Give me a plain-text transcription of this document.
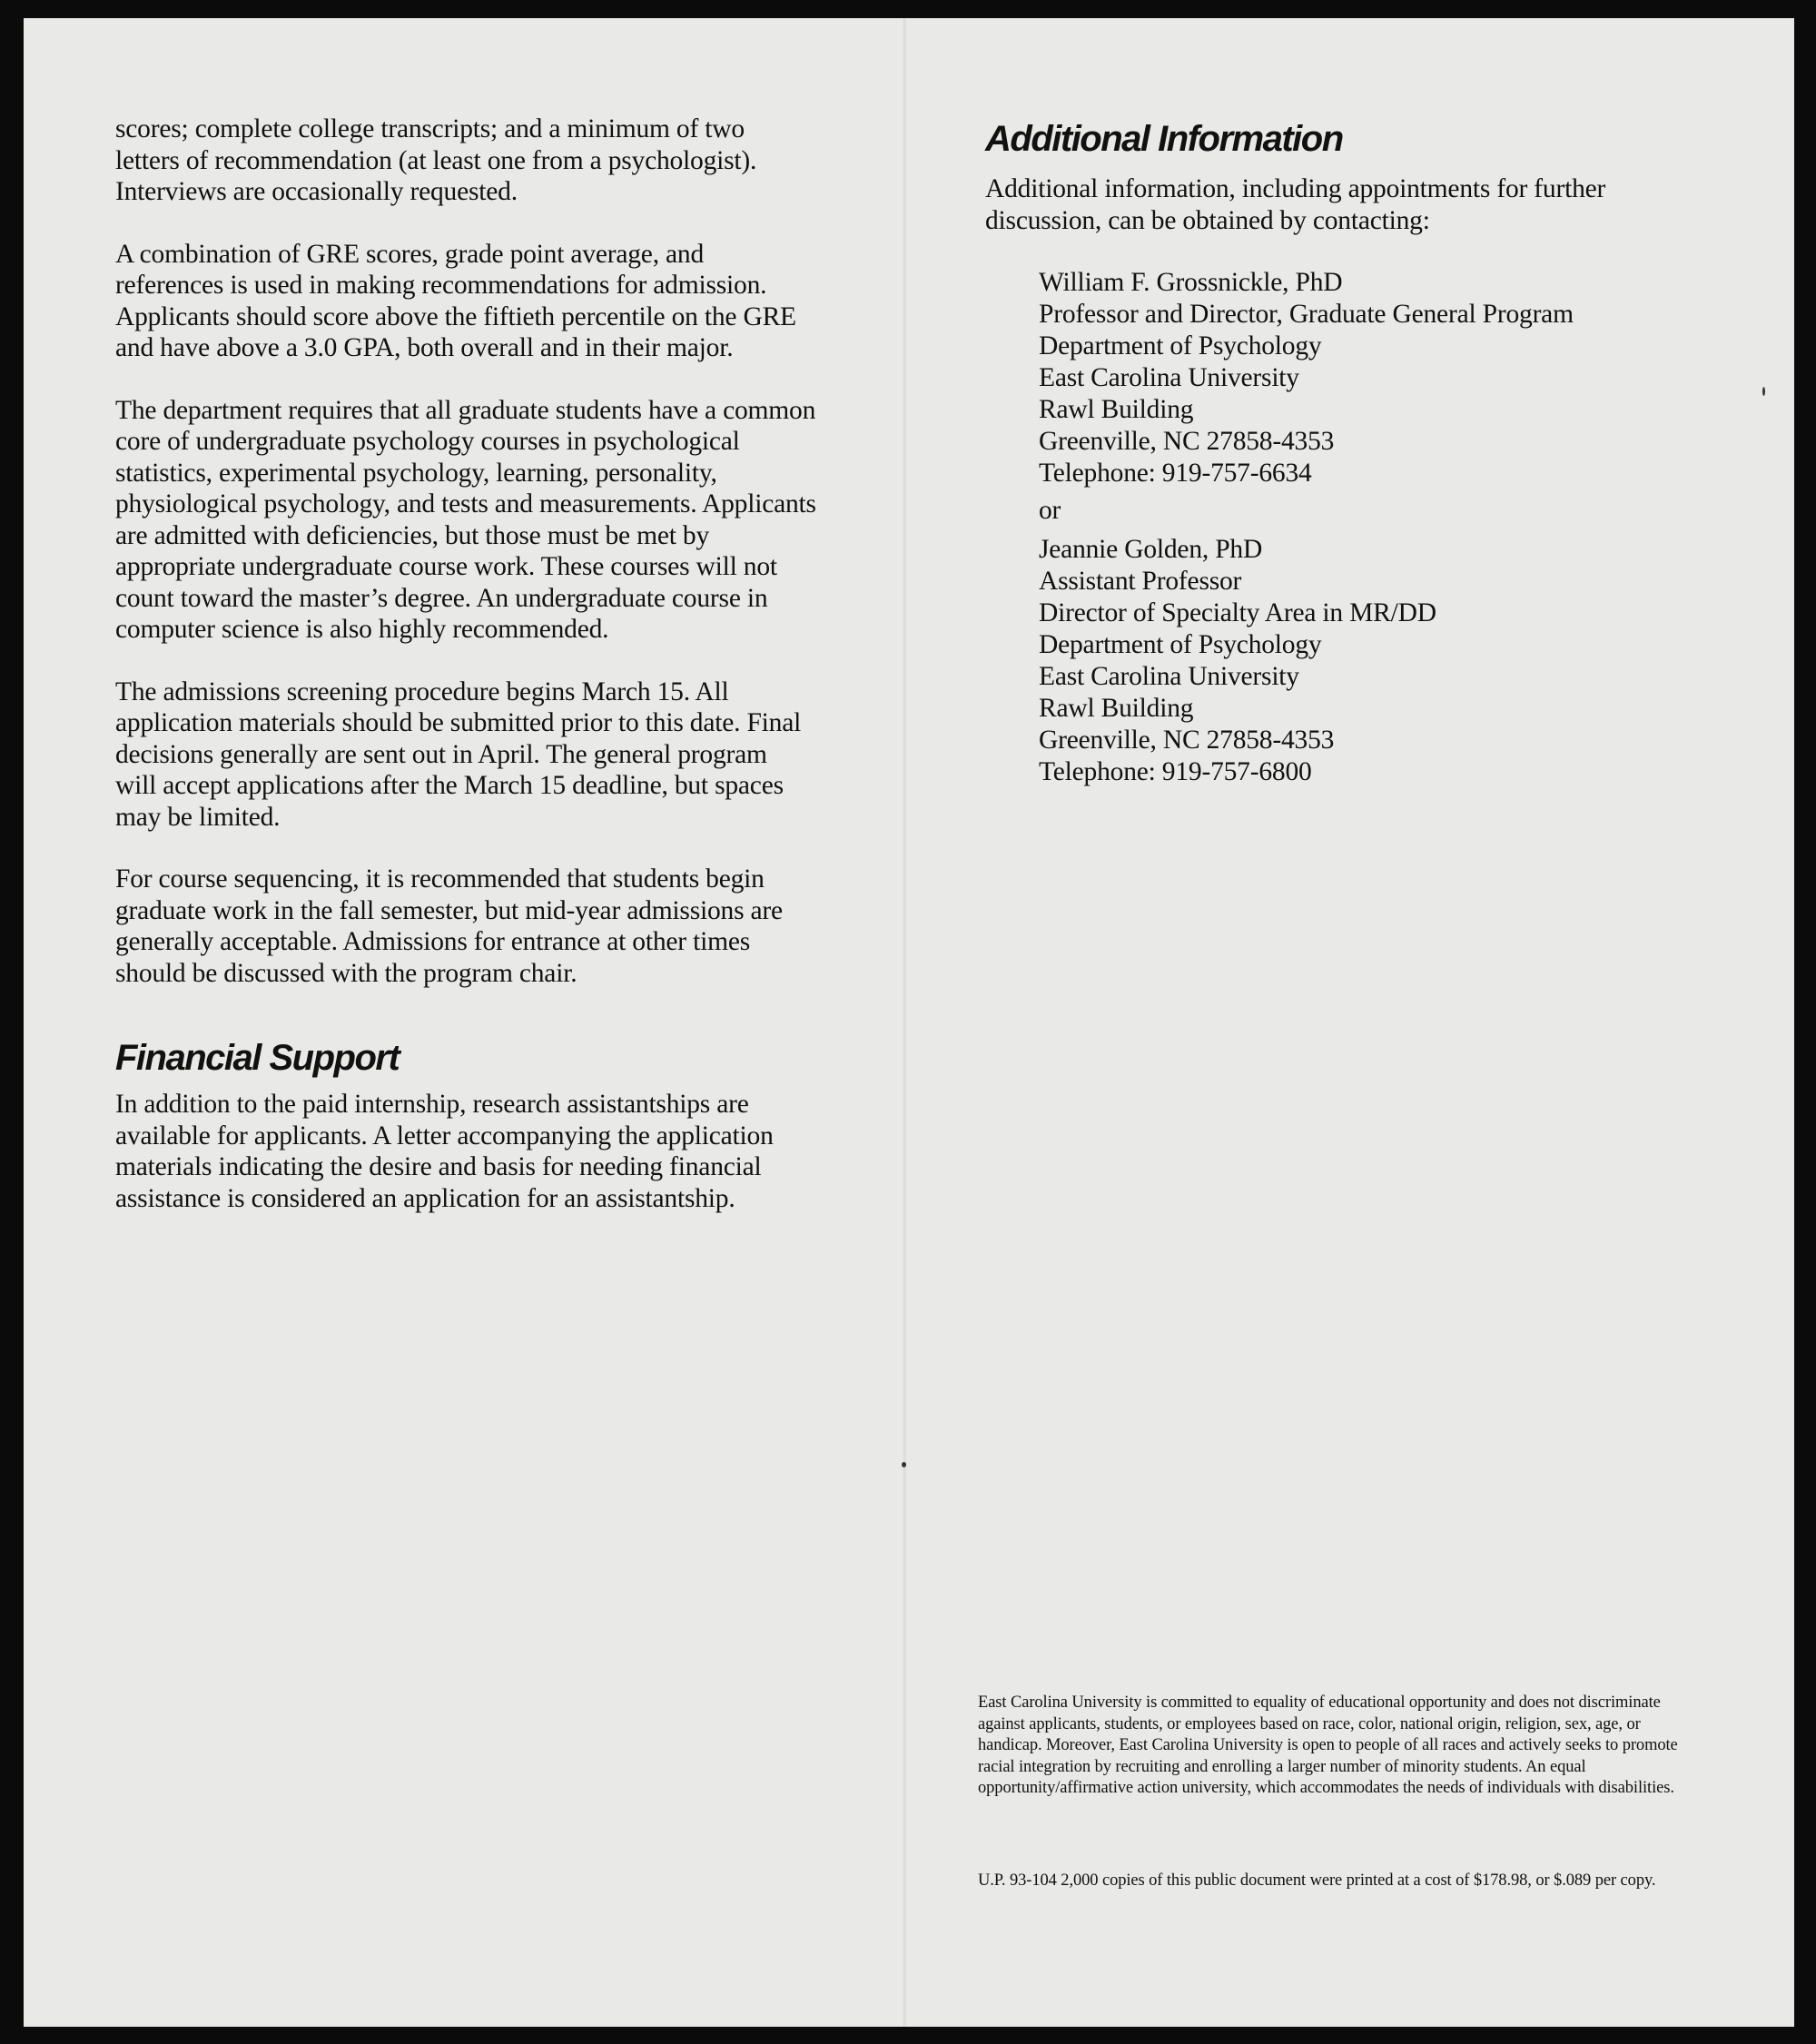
scores; complete college transcripts; and a minimum of two letters of recommendation (at least one from a psychologist). Interviews are occasionally requested.

A combination of GRE scores, grade point average, and references is used in making recommendations for admission. Applicants should score above the fiftieth percentile on the GRE and have above a 3.0 GPA, both overall and in their major.

The department requires that all graduate students have a common core of undergraduate psychology courses in psychological statistics, experimental psychology, learning, personality, physiological psychology, and tests and measurements. Applicants are admitted with deficiencies, but those must be met by appropriate undergraduate course work. These courses will not count toward the master’s degree. An undergraduate course in computer science is also highly recommended.

The admissions screening procedure begins March 15. All application materials should be submitted prior to this date. Final decisions generally are sent out in April. The general program will accept applications after the March 15 deadline, but spaces may be limited.

For course sequencing, it is recommended that students begin graduate work in the fall semester, but mid-year admissions are generally acceptable. Admissions for entrance at other times should be discussed with the program chair.

Financial Support

In addition to the paid internship, research assistantships are available for applicants. A letter accompanying the application materials indicating the desire and basis for needing financial assistance is considered an application for an assistantship.

Additional Information

Additional information, including appointments for further discussion, can be obtained by contacting:

William F. Grossnickle, PhD
Professor and Director, Graduate General Program
Department of Psychology
East Carolina University
Rawl Building
Greenville, NC 27858-4353
Telephone: 919-757-6634
or
Jeannie Golden, PhD
Assistant Professor
Director of Specialty Area in MR/DD
Department of Psychology
East Carolina University
Rawl Building
Greenville, NC 27858-4353
Telephone: 919-757-6800

East Carolina University is committed to equality of educational opportunity and does not discriminate against applicants, students, or employees based on race, color, national origin, religion, sex, age, or handicap. Moreover, East Carolina University is open to people of all races and actively seeks to promote racial integration by recruiting and enrolling a larger number of minority students. An equal opportunity/affirmative action university, which accommodates the needs of individuals with disabilities.

U.P. 93-104 2,000 copies of this public document were printed at a cost of $178.98, or $.089 per copy.
